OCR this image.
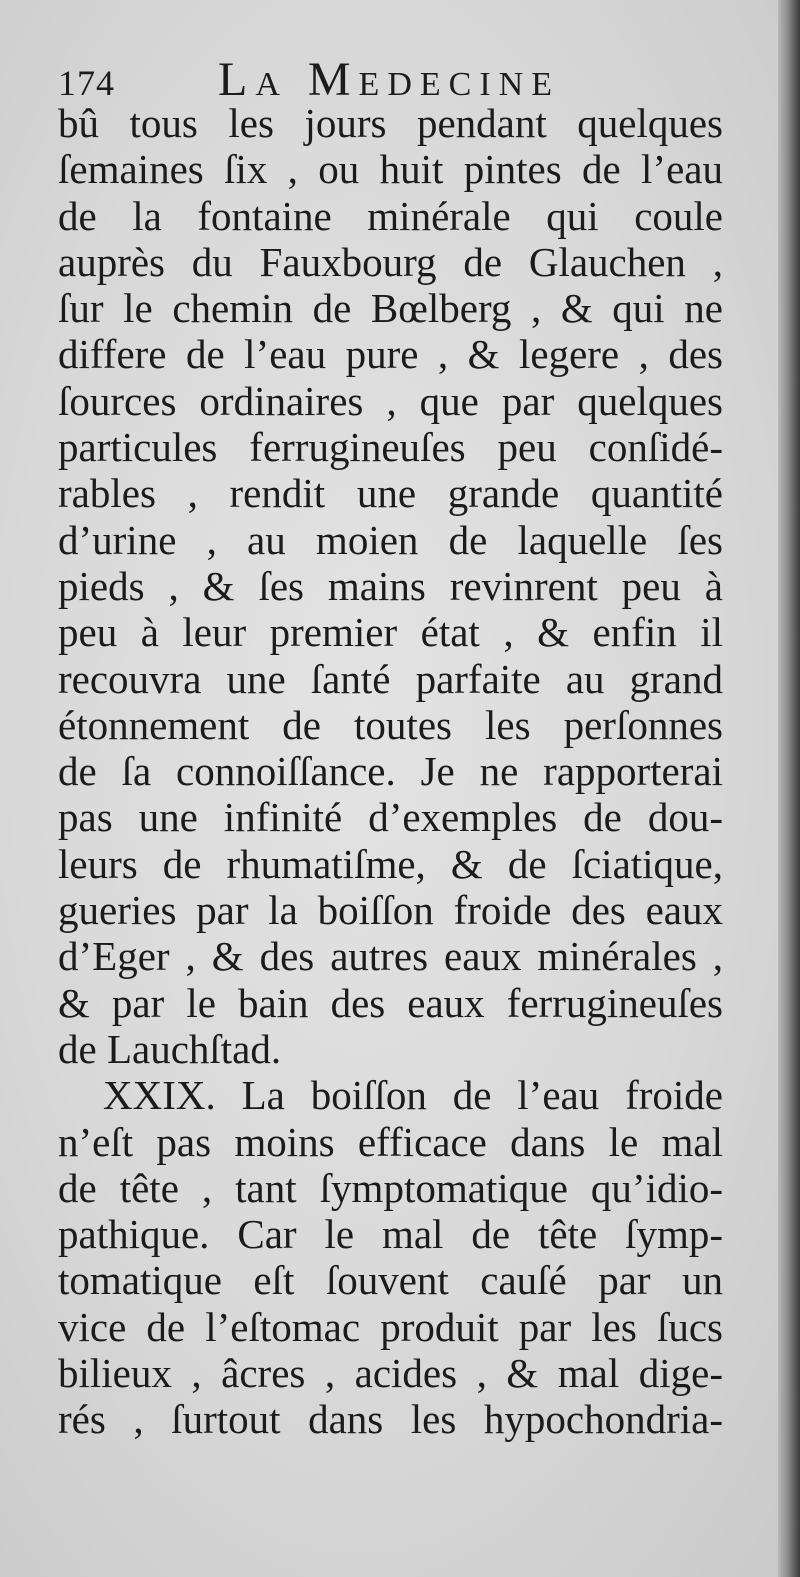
174 La Medecine
bû tous les jours pendant quelques
ſemaines ſix , ou huit pintes de l’eau
de la fontaine minérale qui coule
auprès du Fauxbourg de Glauchen ,
ſur le chemin de Bœlberg , & qui ne
differe de l’eau pure , & legere , des
ſources ordinaires , que par quelques
particules ferrugineuſes peu conſidé-
rables , rendit une grande quantité
d’urine , au moien de laquelle ſes
pieds , & ſes mains revinrent peu à
peu à leur premier état , & enfin il
recouvra une ſanté parfaite au grand
étonnement de toutes les perſonnes
de ſa connoiſſance. Je ne rapporterai
pas une infinité d’exemples de dou-
leurs de rhumatiſme, & de ſciatique,
gueries par la boiſſon froide des eaux
d’Eger , & des autres eaux minérales ,
& par le bain des eaux ferrugineuſes
de Lauchſtad.
XXIX. La boiſſon de l’eau froide
n’eſt pas moins efficace dans le mal
de tête , tant ſymptomatique qu’idio-
pathique. Car le mal de tête ſymp-
tomatique eſt ſouvent cauſé par un
vice de l’eſtomac produit par les ſucs
bilieux , âcres , acides , & mal dige-
rés , ſurtout dans les hypochondria-
